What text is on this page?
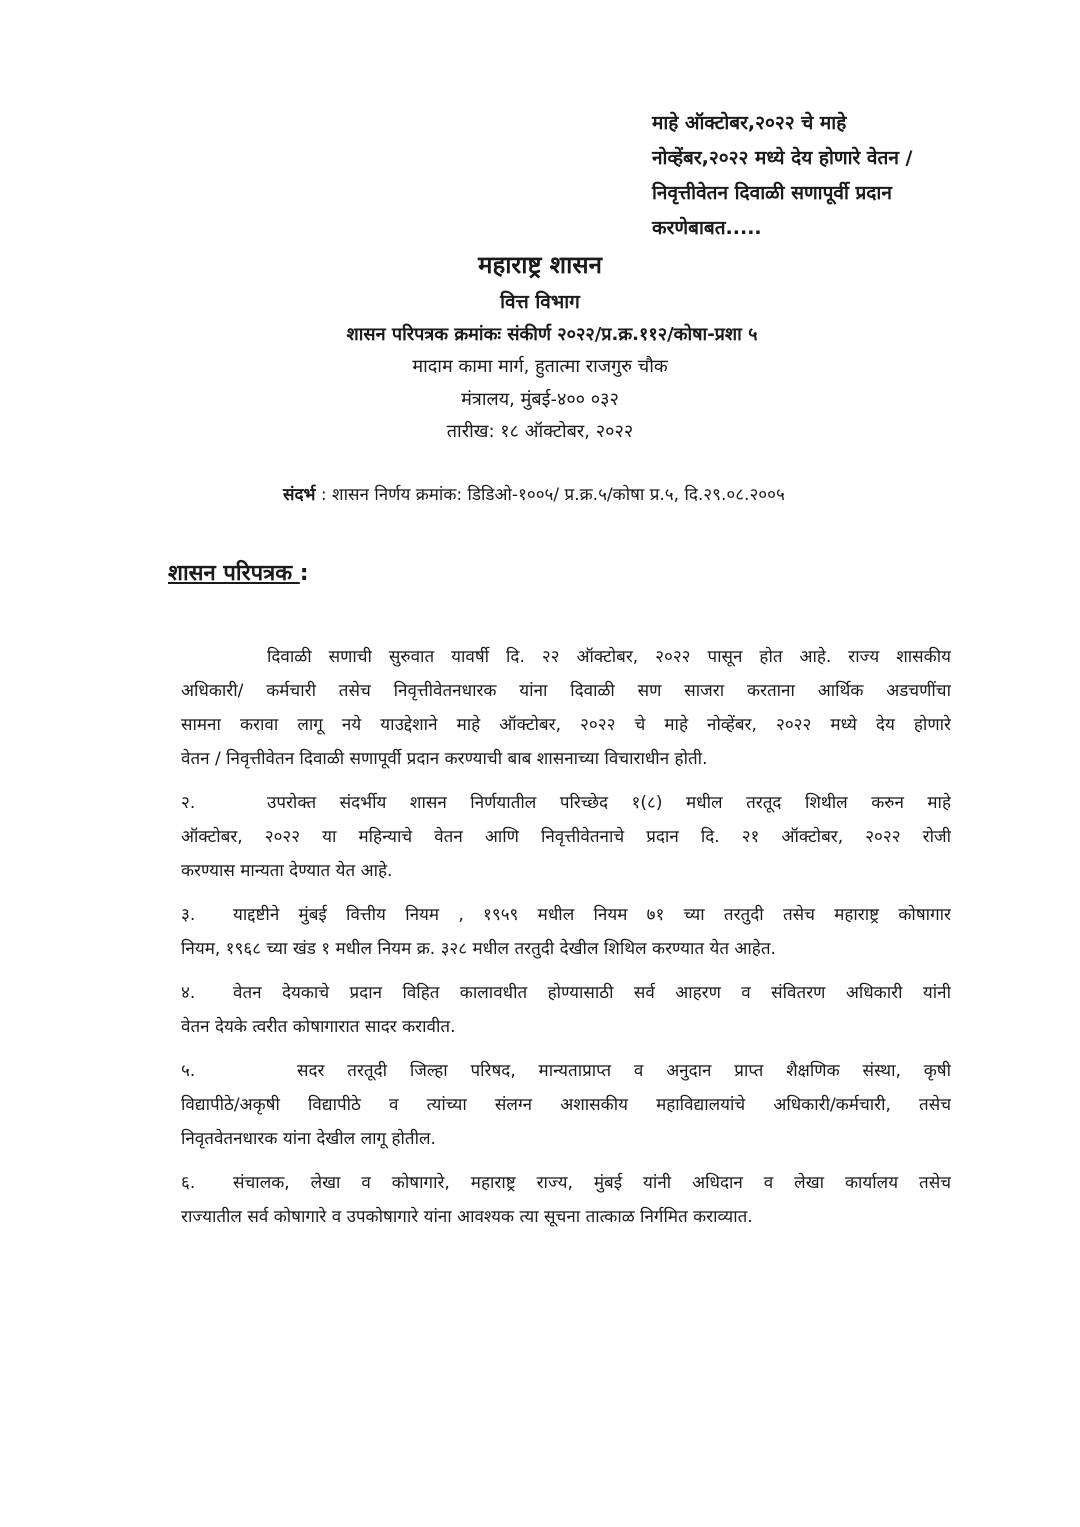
माहे ऑक्टोबर,२०२२ चे माहे
नोव्हेंबर,२०२२ मध्ये देय होणारे वेतन /
निवृत्तीवेतन दिवाळी सणापूर्वी प्रदान
करणेबाबत.....
महाराष्ट्र शासन
वित्त विभाग
शासन परिपत्रक क्रमांकः संकीर्ण २०२२/प्र.क्र.११२/कोषा-प्रशा ५
मादाम कामा मार्ग, हुतात्मा राजगुरु चौक
मंत्रालय, मुंबई-४०० ०३२
तारीख: १८ ऑक्टोबर, २०२२
संदर्भ : शासन निर्णय क्रमांक: डिडिओ-१००५/ प्र.क्र.५/कोषा प्र.५, दि.२९.०८.२००५
शासन परिपत्रक :
दिवाळी सणाची सुरुवात यावर्षी दि. २२ ऑक्टोबर, २०२२ पासून होत आहे. राज्य शासकीय
अधिकारी/ कर्मचारी तसेच निवृत्तीवेतनधारक यांना दिवाळी सण साजरा करताना आर्थिक अडचणींचा
सामना करावा लागू नये याउद्देशाने माहे ऑक्टोबर, २०२२ चे माहे नोव्हेंबर, २०२२ मध्ये देय होणारे
वेतन / निवृत्तीवेतन दिवाळी सणापूर्वी प्रदान करण्याची बाब शासनाच्या विचाराधीन होती.
२.	उपरोक्त संदर्भीय शासन निर्णयातील परिच्छेद १(८) मधील तरतूद शिथील करुन माहे
ऑक्टोबर, २०२२ या महिन्याचे वेतन आणि निवृत्तीवेतनाचे प्रदान दि. २१ ऑक्टोबर, २०२२ रोजी
करण्यास मान्यता देण्यात येत आहे.
३. याद्दष्टीने मुंबई वित्तीय नियम , १९५९ मधील नियम ७१ च्या तरतुदी तसेच महाराष्ट्र कोषागार
नियम, १९६८ च्या खंड १ मधील नियम क्र. ३२८ मधील तरतुदी देखील शिथिल करण्यात येत आहेत.
४. वेतन देयकाचे प्रदान विहित कालावधीत होण्यासाठी सर्व आहरण व संवितरण अधिकारी यांनी
वेतन देयके त्वरीत कोषागारात सादर करावीत.
५.	सदर तरतूदी जिल्हा परिषद, मान्यताप्राप्त व अनुदान प्राप्त शैक्षणिक संस्था, कृषी
विद्यापीठे/अकृषी विद्यापीठे व त्यांच्या संलग्न अशासकीय महाविद्यालयांचे अधिकारी/कर्मचारी, तसेच
निवृतवेतनधारक यांना देखील लागू होतील.
६. संचालक, लेखा व कोषागारे, महाराष्ट्र राज्य, मुंबई यांनी अधिदान व लेखा कार्यालय तसेच
राज्यातील सर्व कोषागारे व उपकोषागारे यांना आवश्यक त्या सूचना तात्काळ निर्गमित कराव्यात.
